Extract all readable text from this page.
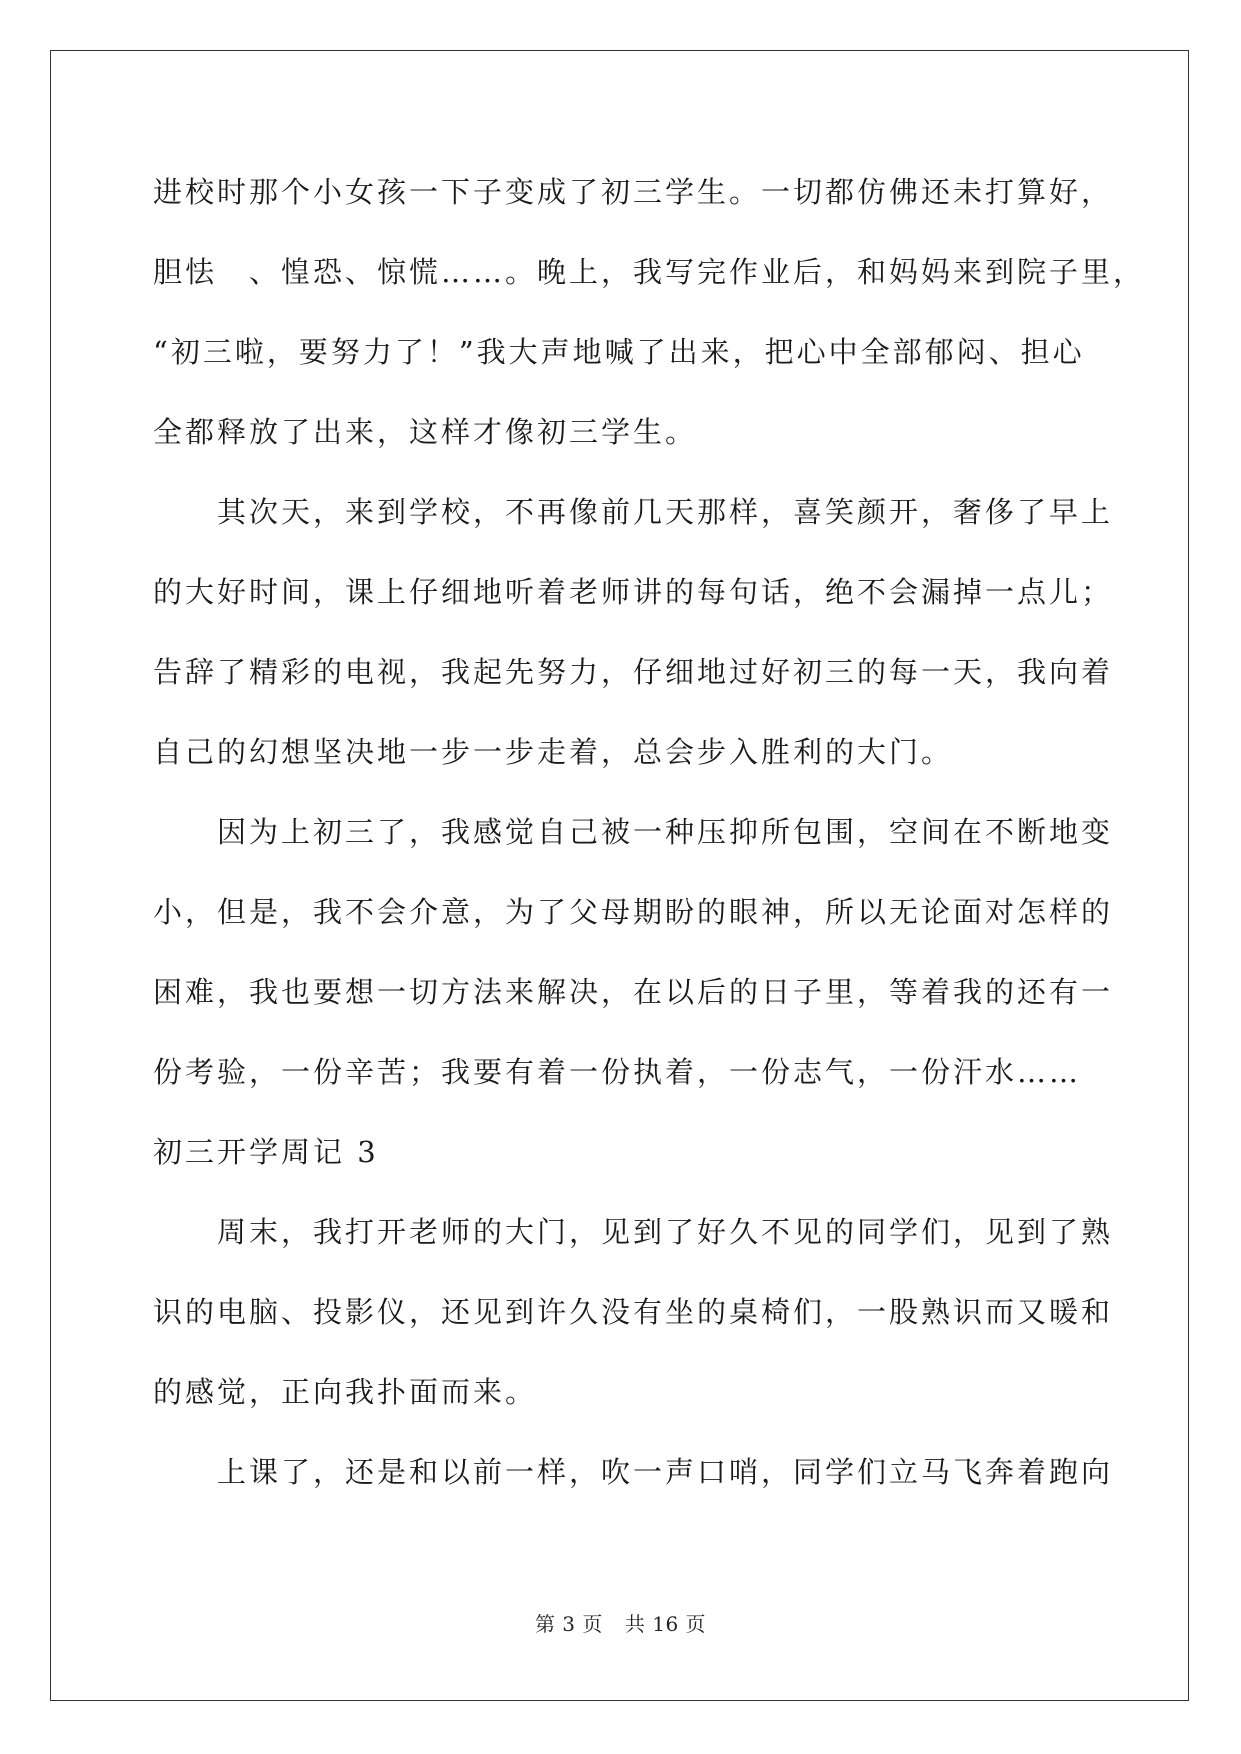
进校时那个小女孩一下子变成了初三学生。一切都仿佛还未打算好，
胆怯　、惶恐、惊慌……。晚上，我写完作业后，和妈妈来到院子里，
“初三啦，要努力了！”我大声地喊了出来，把心中全部郁闷、担心
全都释放了出来，这样才像初三学生。
　　其次天，来到学校，不再像前几天那样，喜笑颜开，奢侈了早上
的大好时间，课上仔细地听着老师讲的每句话，绝不会漏掉一点儿；
告辞了精彩的电视，我起先努力，仔细地过好初三的每一天，我向着
自己的幻想坚决地一步一步走着，总会步入胜利的大门。
　　因为上初三了，我感觉自己被一种压抑所包围，空间在不断地变
小，但是，我不会介意，为了父母期盼的眼神，所以无论面对怎样的
困难，我也要想一切方法来解决，在以后的日子里，等着我的还有一
份考验，一份辛苦；我要有着一份执着，一份志气，一份汗水……
初三开学周记 3
　　周末，我打开老师的大门，见到了好久不见的同学们，见到了熟
识的电脑、投影仪，还见到许久没有坐的桌椅们，一股熟识而又暖和
的感觉，正向我扑面而来。
　　上课了，还是和以前一样，吹一声口哨，同学们立马飞奔着跑向
第 3 页 共 16 页
